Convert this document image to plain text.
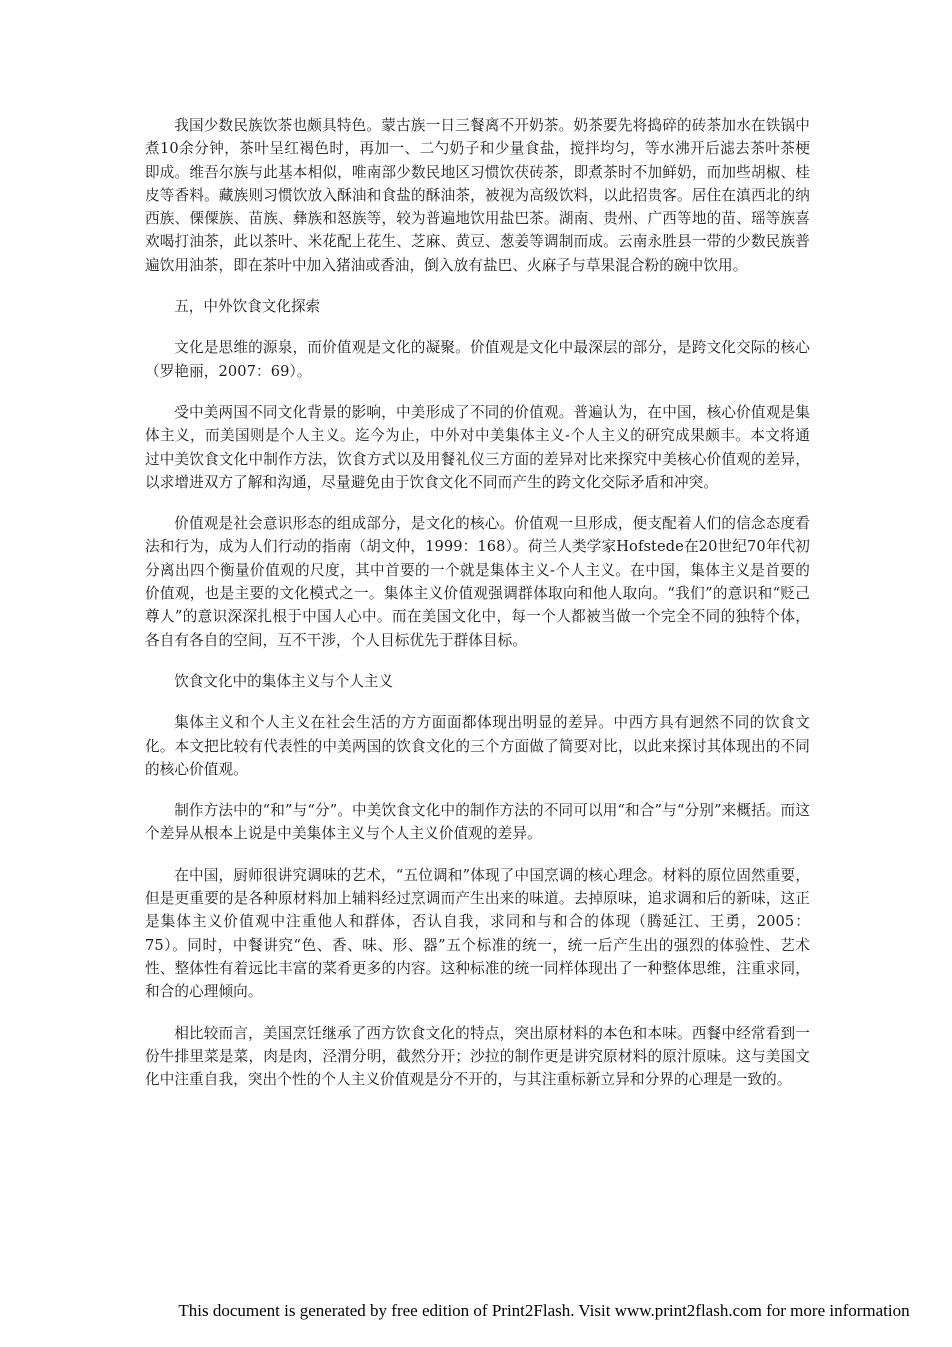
我国少数民族饮茶也颇具特色。蒙古族一日三餐离不开奶茶。奶茶要先将捣碎的砖茶加水在铁锅中煮10余分钟，茶叶呈红褐色时，再加一、二勺奶子和少量食盐，搅拌均匀，等水沸开后滤去茶叶茶梗即成。维吾尔族与此基本相似，唯南部少数民地区习惯饮茯砖茶，即煮茶时不加鲜奶，而加些胡椒、桂皮等香料。藏族则习惯饮放入酥油和食盐的酥油茶，被视为高级饮料，以此招贵客。居住在滇西北的纳西族、傈僳族、苗族、彝族和怒族等，较为普遍地饮用盐巴茶。湖南、贵州、广西等地的苗、瑶等族喜欢喝打油茶，此以茶叶、米花配上花生、芝麻、黄豆、葱姜等调制而成。云南永胜县一带的少数民族普遍饮用油茶，即在茶叶中加入猪油或香油，倒入放有盐巴、火麻子与草果混合粉的碗中饮用。

五，中外饮食文化探索

文化是思维的源泉，而价值观是文化的凝聚。价值观是文化中最深层的部分，是跨文化交际的核心（罗艳丽，2007：69）。

受中美两国不同文化背景的影响，中美形成了不同的价值观。普遍认为，在中国，核心价值观是集体主义，而美国则是个人主义。迄今为止，中外对中美集体主义-个人主义的研究成果颇丰。本文将通过中美饮食文化中制作方法，饮食方式以及用餐礼仪三方面的差异对比来探究中美核心价值观的差异，以求增进双方了解和沟通，尽量避免由于饮食文化不同而产生的跨文化交际矛盾和冲突。

价值观是社会意识形态的组成部分，是文化的核心。价值观一旦形成，便支配着人们的信念态度看法和行为，成为人们行动的指南（胡文仲，1999：168）。荷兰人类学家Hofstede在20世纪70年代初分离出四个衡量价值观的尺度，其中首要的一个就是集体主义-个人主义。在中国，集体主义是首要的价值观，也是主要的文化模式之一。集体主义价值观强调群体取向和他人取向。“我们”的意识和“贬己尊人”的意识深深扎根于中国人心中。而在美国文化中，每一个人都被当做一个完全不同的独特个体，各自有各自的空间，互不干涉，个人目标优先于群体目标。

饮食文化中的集体主义与个人主义

集体主义和个人主义在社会生活的方方面面都体现出明显的差异。中西方具有迥然不同的饮食文化。本文把比较有代表性的中美两国的饮食文化的三个方面做了简要对比，以此来探讨其体现出的不同的核心价值观。

制作方法中的“和”与“分”。中美饮食文化中的制作方法的不同可以用“和合”与“分别”来概括。而这个差异从根本上说是中美集体主义与个人主义价值观的差异。

在中国，厨师很讲究调味的艺术，“五位调和”体现了中国烹调的核心理念。材料的原位固然重要，但是更重要的是各种原材料加上辅料经过烹调而产生出来的味道。去掉原味，追求调和后的新味，这正是集体主义价值观中注重他人和群体，否认自我，求同和与和合的体现（腾延江、王勇，2005：75）。同时，中餐讲究“色、香、味、形、器”五个标准的统一，统一后产生出的强烈的体验性、艺术性、整体性有着远比丰富的菜肴更多的内容。这种标准的统一同样体现出了一种整体思维，注重求同，和合的心理倾向。

相比较而言，美国烹饪继承了西方饮食文化的特点，突出原材料的本色和本味。西餐中经常看到一份牛排里菜是菜，肉是肉，泾渭分明，截然分开；沙拉的制作更是讲究原材料的原汁原味。这与美国文化中注重自我，突出个性的个人主义价值观是分不开的，与其注重标新立异和分界的心理是一致的。

This document is generated by free edition of Print2Flash. Visit www.print2flash.com for more information
